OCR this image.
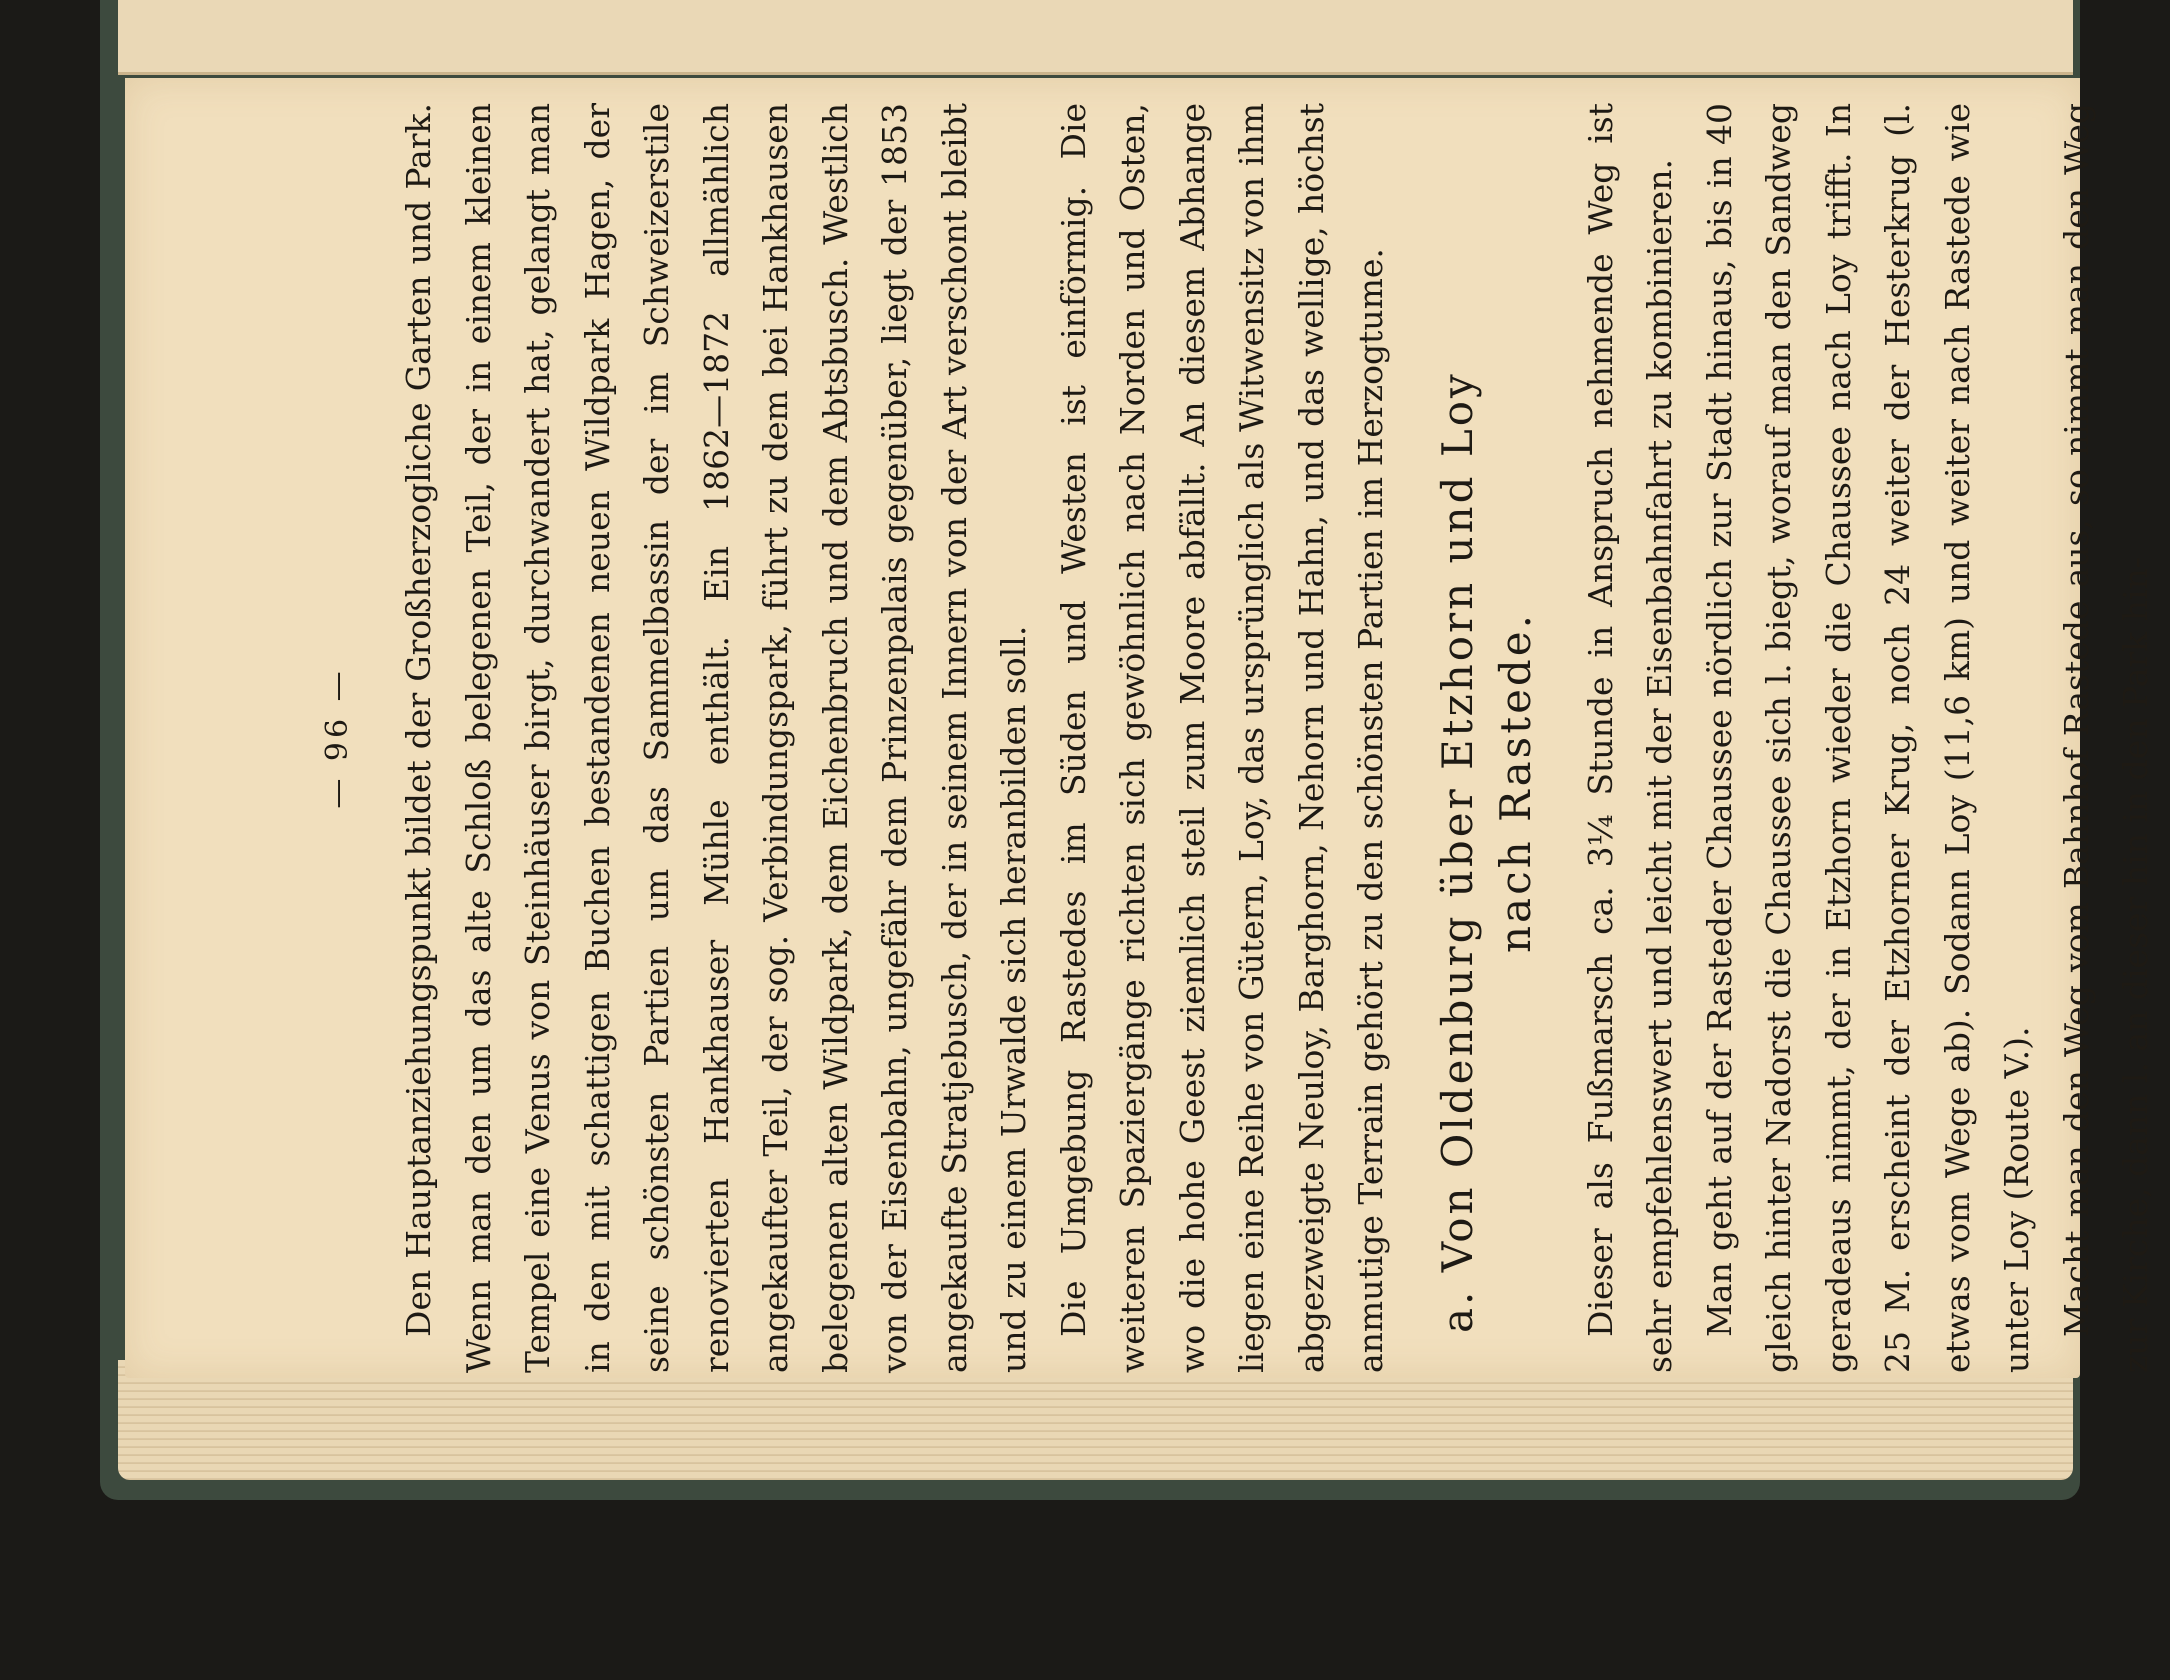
— 96 —	Den Hauptanziehungspunkt bildet der Großherzogliche Garten und Park. Wenn man den um das alte Schloß belegenen Teil, der in einem kleinen Tempel eine Venus von Steinhäuser birgt, durchwandert hat, gelangt man in den mit schattigen Buchen bestandenen neuen Wildpark Hagen, der seine schönsten Partien um das Sammelbassin der im Schweizerstile renovierten Hankhauser Mühle enthält. Ein 1862—1872 allmählich angekaufter Teil, der sog. Verbindungspark, führt zu dem bei Hankhausen belegenen alten Wildpark, dem Eichenbruch und dem Abtsbusch. Westlich von der Eisenbahn, ungefähr dem Prinzenpalais gegenüber, liegt der 1853 angekaufte Stratjebusch, der in seinem Innern von der Art verschont bleibt und zu einem Urwalde sich heranbilden soll. Die Umgebung Rastedes im Süden und Westen ist einförmig. Die weiteren Spaziergänge richten sich gewöhnlich nach Norden und Osten, wo die hohe Geest ziemlich steil zum Moore abfällt. An diesem Abhange liegen eine Reihe von Gütern, Loy, das ursprünglich als Witwensitz von ihm abgezweigte Neuloy, Barghorn, Nehorn und Hahn, und das wellige, höchst anmutige Terrain gehört zu den schönsten Partien im Herzogtume. a. Von Oldenburg über Etzhorn und Loy nach Rastede.	Dieser als Fußmarsch ca. 3¼ Stunde in Anspruch nehmende Weg ist sehr empfehlenswert und leicht mit der Eisenbahnfahrt zu kombinieren. Man geht auf der Rasteder Chaussee nördlich zur Stadt hinaus, bis in 40 gleich hinter Nadorst die Chaussee sich l. biegt, worauf man den Sandweg geradeaus nimmt, der in Etzhorn wieder die Chaussee nach Loy trifft. In 25 M. erscheint der Etzhorner Krug, noch 24 weiter der Hesterkrug (l. etwas vom Wege ab). Sodann Loy (11,6 km) und weiter nach Rastede wie unter Loy (Route V.). Macht man den Weg vom Bahnhof Rastede aus, so nimmt man den Weg zur Kirche, dann l. an dieser hin in den Park hin-
